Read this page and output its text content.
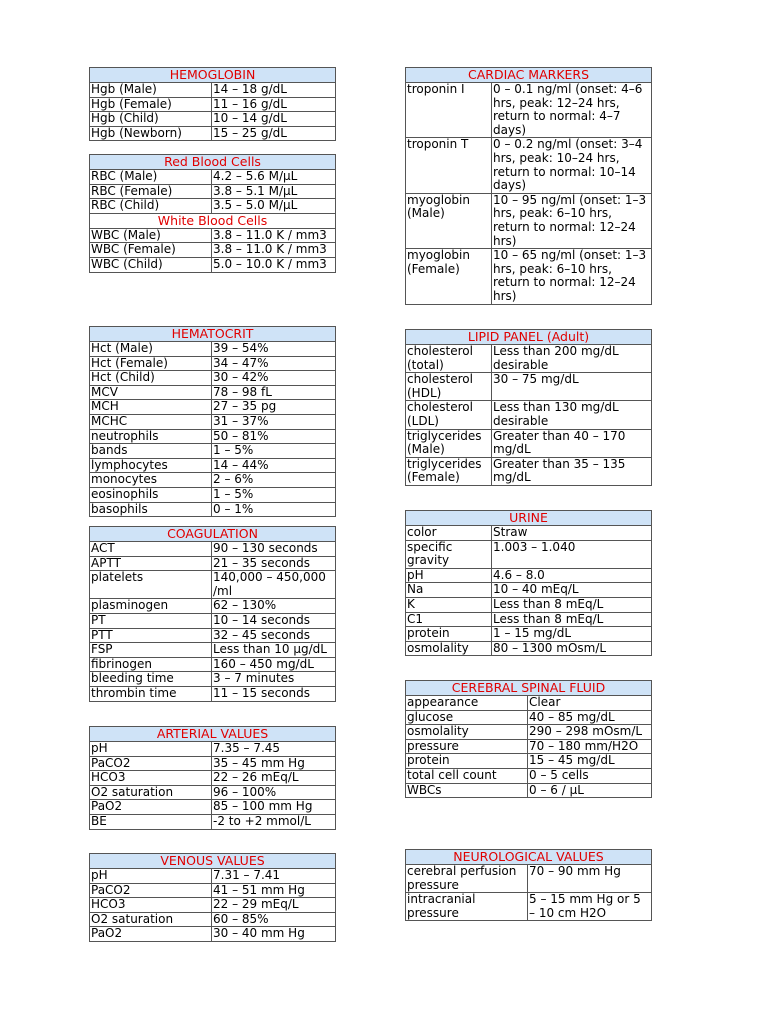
HEMOGLOBIN	
Hgb (Male)	14 – 18 g/dL
Hgb (Female)	11 – 16 g/dL
Hgb (Child)	10 – 14 g/dL
Hgb (Newborn)	15 – 25 g/dL
Red Blood Cells	
RBC (Male)	4.2 – 5.6 M/μL
RBC (Female)	3.8 – 5.1 M/μL
RBC (Child)	3.5 – 5.0 M/μL
White Blood Cells	
WBC (Male)	3.8 – 11.0 K / mm3
WBC (Female)	3.8 – 11.0 K / mm3
WBC (Child)	5.0 – 10.0 K / mm3
HEMATOCRIT	
Hct (Male)	39 – 54%
Hct (Female)	34 – 47%
Hct (Child)	30 – 42%
MCV	78 – 98 fL
MCH	27 – 35 pg
MCHC	31 – 37%
neutrophils	50 – 81%
bands	1 – 5%
lymphocytes	14 – 44%
monocytes	2 – 6%
eosinophils	1 – 5%
basophils	0 – 1%
COAGULATION	
ACT	90 – 130 seconds
APTT	21 – 35 seconds
platelets	140,000 – 450,000 /ml
plasminogen	62 – 130%
PT	10 – 14 seconds
PTT	32 – 45 seconds
FSP	Less than 10 μg/dL
fibrinogen	160 – 450 mg/dL
bleeding time	3 – 7 minutes
thrombin time	11 – 15 seconds
ARTERIAL VALUES	
pH	7.35 – 7.45
PaCO2	35 – 45 mm Hg
HCO3	22 – 26 mEq/L
O2 saturation	96 – 100%
PaO2	85 – 100 mm Hg
BE	-2 to +2 mmol/L
VENOUS VALUES	
pH	7.31 – 7.41
PaCO2	41 – 51 mm Hg
HCO3	22 – 29 mEq/L
O2 saturation	60 – 85%
PaO2	30 – 40 mm Hg
CARDIAC MARKERS	
troponin I	0 – 0.1 ng/ml (onset: 4–6 hrs, peak: 12–24 hrs, return to normal: 4–7 days)
troponin T	0 – 0.2 ng/ml (onset: 3–4 hrs, peak: 10–24 hrs, return to normal: 10–14 days)
myoglobin (Male)	10 – 95 ng/ml (onset: 1–3 hrs, peak: 6–10 hrs, return to normal: 12–24 hrs)
myoglobin (Female)	10 – 65 ng/ml (onset: 1–3 hrs, peak: 6–10 hrs, return to normal: 12–24 hrs)
LIPID PANEL (Adult)	
cholesterol (total)	Less than 200 mg/dL desirable
cholesterol (HDL)	30 – 75 mg/dL
cholesterol (LDL)	Less than 130 mg/dL desirable
triglycerides (Male)	Greater than 40 – 170 mg/dL
triglycerides (Female)	Greater than 35 – 135 mg/dL
URINE	
color	Straw
specific gravity	1.003 – 1.040
pH	4.6 – 8.0
Na	10 – 40 mEq/L
K	Less than 8 mEq/L
C1	Less than 8 mEq/L
protein	1 – 15 mg/dL
osmolality	80 – 1300 mOsm/L
CEREBRAL SPINAL FLUID	
appearance	Clear
glucose	40 – 85 mg/dL
osmolality	290 – 298 mOsm/L
pressure	70 – 180 mm/H2O
protein	15 – 45 mg/dL
total cell count	0 – 5 cells
WBCs	0 – 6 / μL
NEUROLOGICAL VALUES	
cerebral perfusion pressure	70 – 90 mm Hg
intracranial pressure	5 – 15 mm Hg or 5 – 10 cm H2O
